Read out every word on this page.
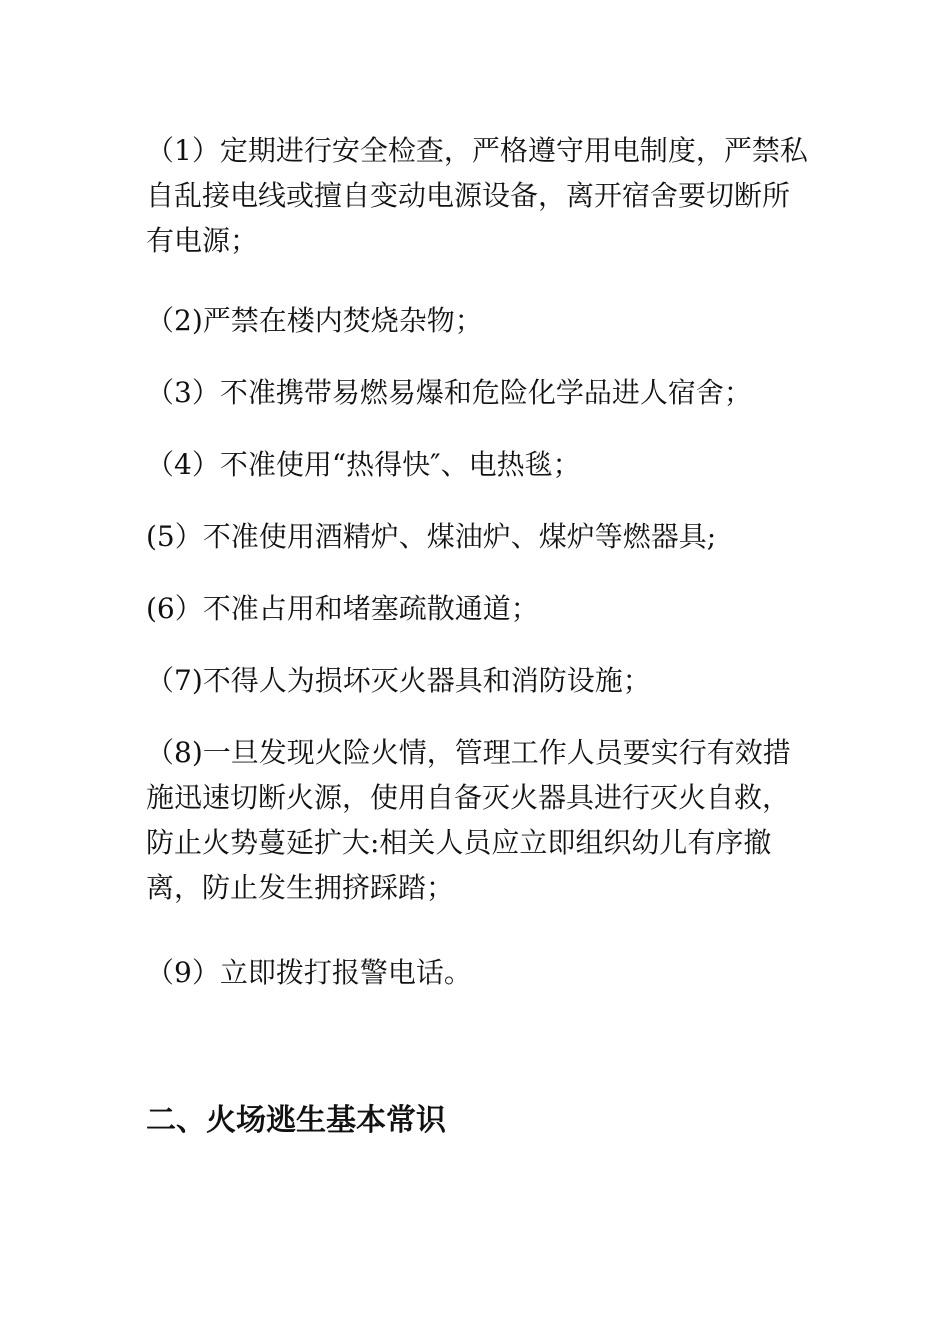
（1）定期进行安全检查，严格遵守用电制度，严禁私自乱接电线或擅自变动电源设备，离开宿舍要切断所有电源；

（2)严禁在楼内焚烧杂物；

（3）不准携带易燃易爆和危险化学品进人宿舍；

（4）不准使用“热得快″、电热毯；

(5）不准使用酒精炉、煤油炉、煤炉等燃器具;

(6）不准占用和堵塞疏散通道；

（7)不得人为损坏灭火器具和消防设施；

（8)一旦发现火险火情，管理工作人员要实行有效措施迅速切断火源，使用自备灭火器具进行灭火自救，防止火势蔓延扩大:相关人员应立即组织幼儿有序撤离，防止发生拥挤踩踏；

（9）立即拨打报警电话。

二、火场逃生基本常识
